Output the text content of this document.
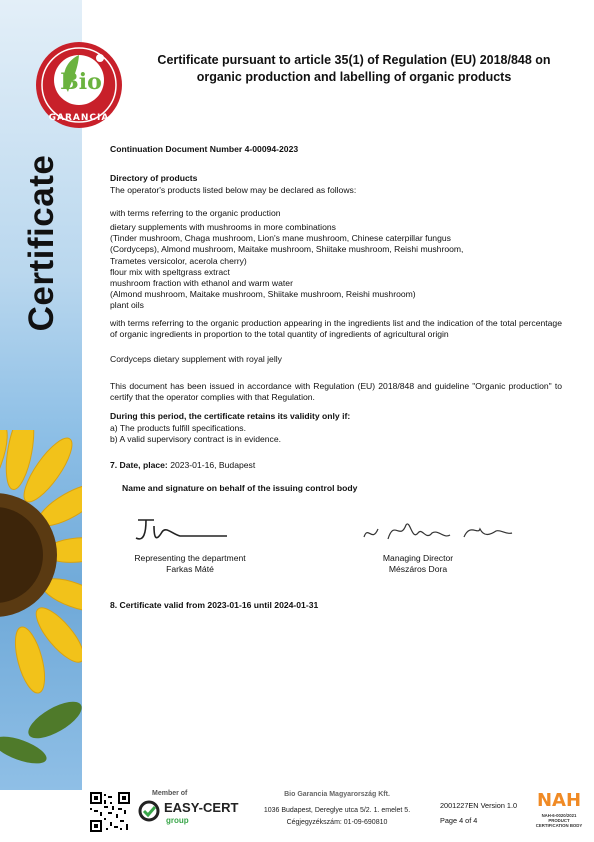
Certificate
Bio
GARANCIA
Certificate pursuant to article 35(1) of Regulation (EU) 2018/848 on
organic production and labelling of organic products
Continuation Document Number 4-00094-2023
Directory of products
The operator's products listed below may be declared as follows:
with terms referring to the organic production
dietary supplements with mushrooms in more combinations
(Tinder mushroom, Chaga mushroom, Lion's mane mushroom, Chinese caterpillar fungus
(Cordyceps), Almond mushroom, Maitake mushroom, Shiitake mushroom, Reishi mushroom,
Trametes versicolor, acerola cherry)
flour mix with speltgrass extract
mushroom fraction with ethanol and warm water
(Almond mushroom, Maitake mushroom, Shiitake mushroom, Reishi mushroom)
plant oils
with terms referring to the organic production appearing in the ingredients list and the indication of the total percentage of organic ingredients in proportion to the total quantity of ingredients of agricultural origin
Cordyceps dietary supplement with royal jelly
This document has been issued in accordance with Regulation (EU) 2018/848 and guideline "Organic production" to certify that the operator complies with that Regulation.
During this period, the certificate retains its validity only if:
a) The products fulfill specifications.
b) A valid supervisory contract is in evidence.
7. Date, place: 2023-01-16, Budapest
Name and signature on behalf of the issuing control body
Representing the department
Farkas Máté
Managing Director
Mészáros Dora
8. Certificate valid from 2023-01-16 until 2024-01-31
Member of
EASY-CERT
group
Bio Garancia Magyarország Kft.
1036 Budapest, Dereglye utca 5/2. 1. emelet 5.
Cégjegyzékszám: 01-09-690810
2001227EN Version 1.0
Page 4 of 4
NAH
NAH-6-0020/2021
PRODUCT
CERTIFICATION BODY
